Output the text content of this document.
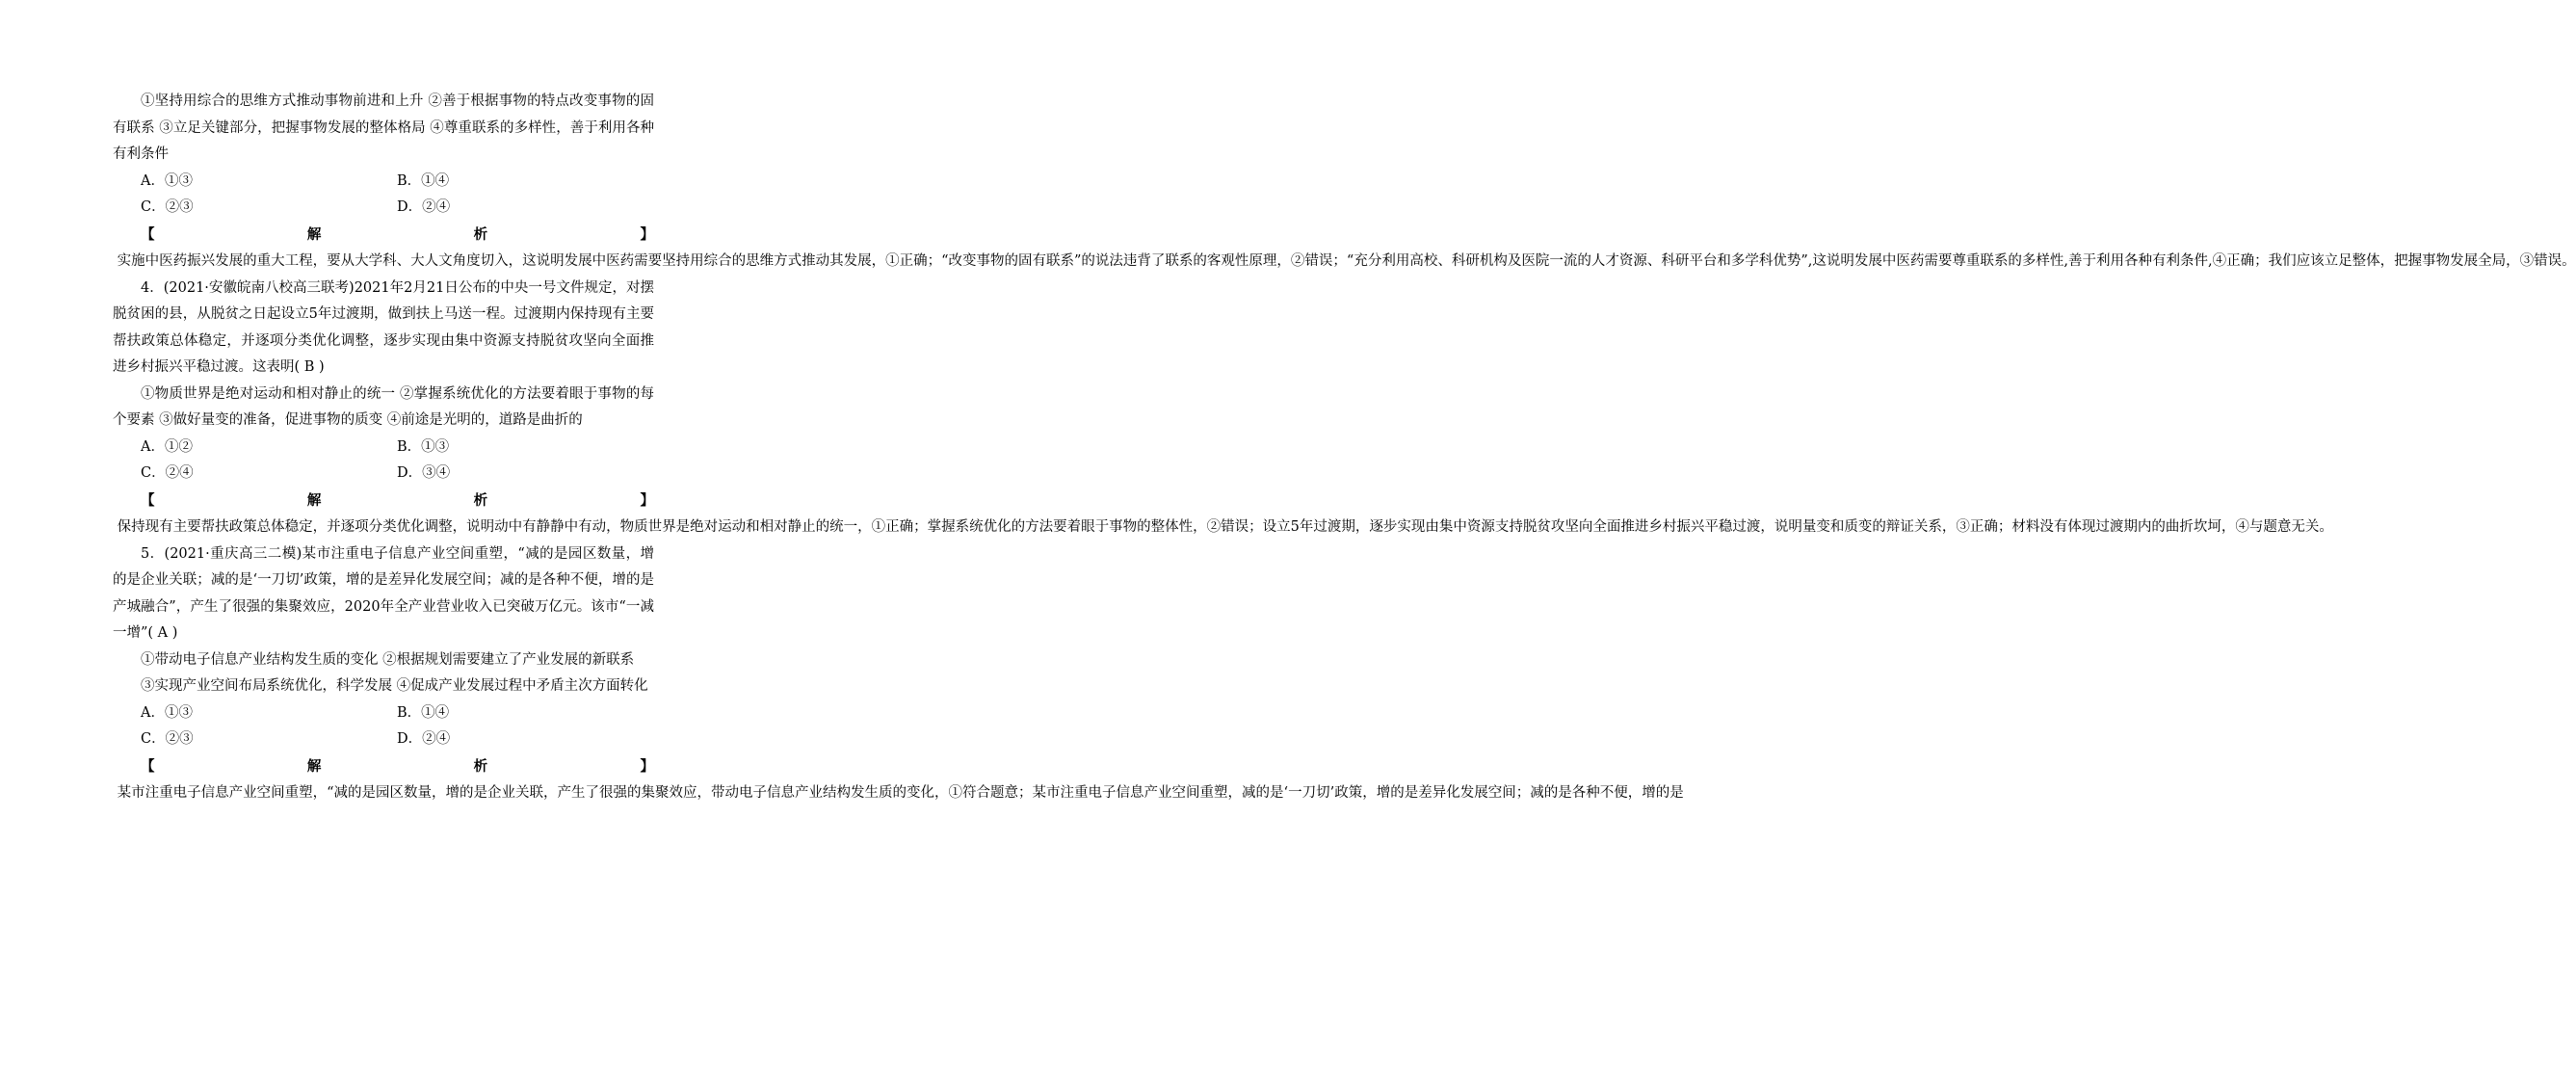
①坚持用综合的思维方式推动事物前进和上升 ②善于根据事物的特点改变事物的固有联系 ③立足关键部分，把握事物发展的整体格局 ④尊重联系的多样性，善于利用各种有利条件

A．①③	B．①④
C．②③	D．②④

【解析】 实施中医药振兴发展的重大工程，要从大学科、大人文角度切入，这说明发展中医药需要坚持用综合的思维方式推动其发展，①正确；“改变事物的固有联系”的说法违背了联系的客观性原理，②错误；“充分利用高校、科研机构及医院一流的人才资源、科研平台和多学科优势”,这说明发展中医药需要尊重联系的多样性,善于利用各种有利条件,④正确；我们应该立足整体，把握事物发展全局，③错误。

4．(2021·安徽皖南八校高三联考)2021年2月21日公布的中央一号文件规定，对摆脱贫困的县，从脱贫之日起设立5年过渡期，做到扶上马送一程。过渡期内保持现有主要帮扶政策总体稳定，并逐项分类优化调整，逐步实现由集中资源支持脱贫攻坚向全面推进乡村振兴平稳过渡。这表明( B )

①物质世界是绝对运动和相对静止的统一 ②掌握系统优化的方法要着眼于事物的每个要素 ③做好量变的准备，促进事物的质变 ④前途是光明的，道路是曲折的

A．①②	B．①③
C．②④	D．③④

【解析】 保持现有主要帮扶政策总体稳定，并逐项分类优化调整，说明动中有静静中有动，物质世界是绝对运动和相对静止的统一，①正确；掌握系统优化的方法要着眼于事物的整体性，②错误；设立5年过渡期，逐步实现由集中资源支持脱贫攻坚向全面推进乡村振兴平稳过渡，说明量变和质变的辩证关系，③正确；材料没有体现过渡期内的曲折坎坷，④与题意无关。

5．(2021·重庆高三二模)某市注重电子信息产业空间重塑，“减的是园区数量，增的是企业关联；减的是‘一刀切’政策，增的是差异化发展空间；减的是各种不便，增的是产城融合”，产生了很强的集聚效应，2020年全产业营业收入已突破万亿元。该市“一减一增”( A )

①带动电子信息产业结构发生质的变化 ②根据规划需要建立了产业发展的新联系

③实现产业空间布局系统优化，科学发展 ④促成产业发展过程中矛盾主次方面转化

A．①③	B．①④
C．②③	D．②④

【解析】 某市注重电子信息产业空间重塑，“减的是园区数量，增的是企业关联，产生了很强的集聚效应，带动电子信息产业结构发生质的变化，①符合题意；某市注重电子信息产业空间重塑，减的是‘一刀切’政策，增的是差异化发展空间；减的是各种不便，增的是
